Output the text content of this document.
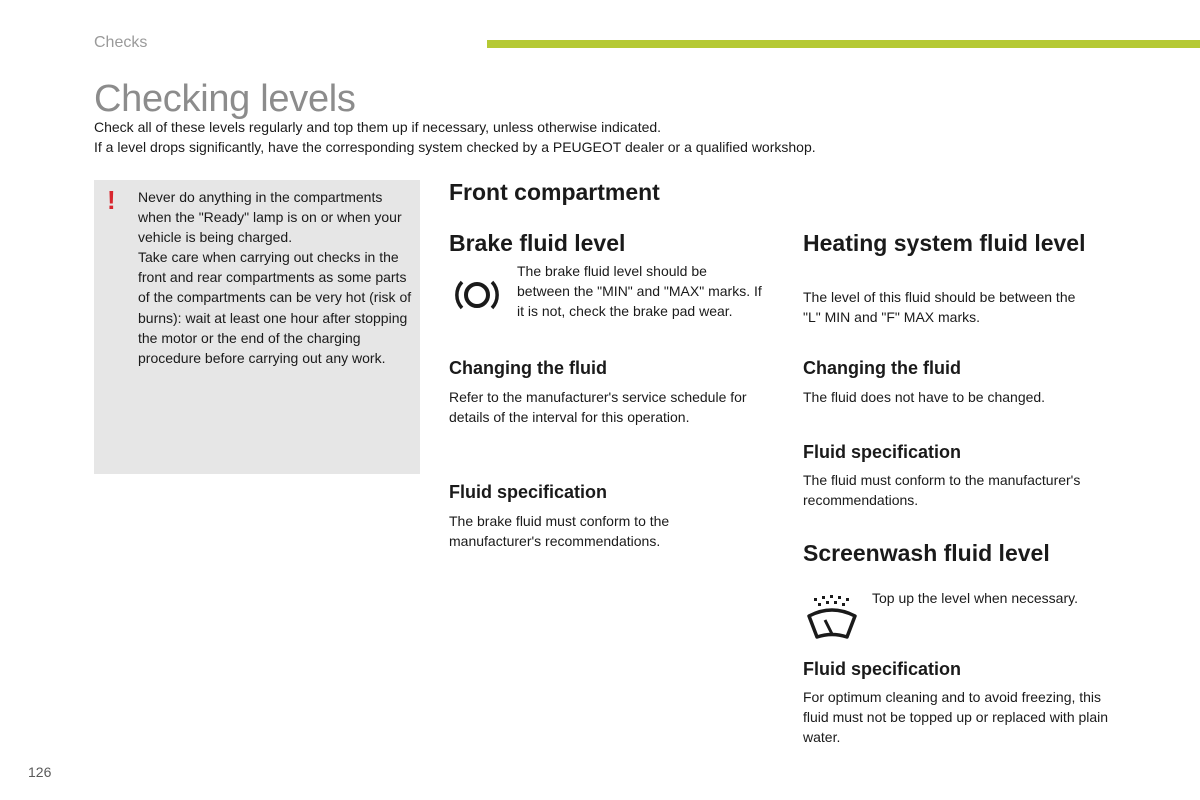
Checks
Checking levels
Check all of these levels regularly and top them up if necessary, unless otherwise indicated.
If a level drops significantly, have the corresponding system checked by a PEUGEOT dealer or a qualified workshop.
! Never do anything in the compartments when the "Ready" lamp is on or when your vehicle is being charged.

Take care when carrying out checks in the front and rear compartments as some parts of the compartments can be very hot (risk of burns): wait at least one hour after stopping the motor or the end of the charging procedure before carrying out any work.

Front compartment
Brake fluid level

The brake fluid level should be between the "MIN" and "MAX" marks. If it is not, check the brake pad wear.

Changing the fluid

Refer to the manufacturer's service schedule for details of the interval for this operation.

Fluid specification

The brake fluid must conform to the manufacturer's recommendations.

Heating system fluid level

The level of this fluid should be between the "L" MIN and "F" MAX marks.

Changing the fluid

The fluid does not have to be changed.

Fluid specification

The fluid must conform to the manufacturer's recommendations.

Screenwash fluid level

Top up the level when necessary.

Fluid specification

For optimum cleaning and to avoid freezing, this fluid must not be topped up or replaced with plain water.

126
